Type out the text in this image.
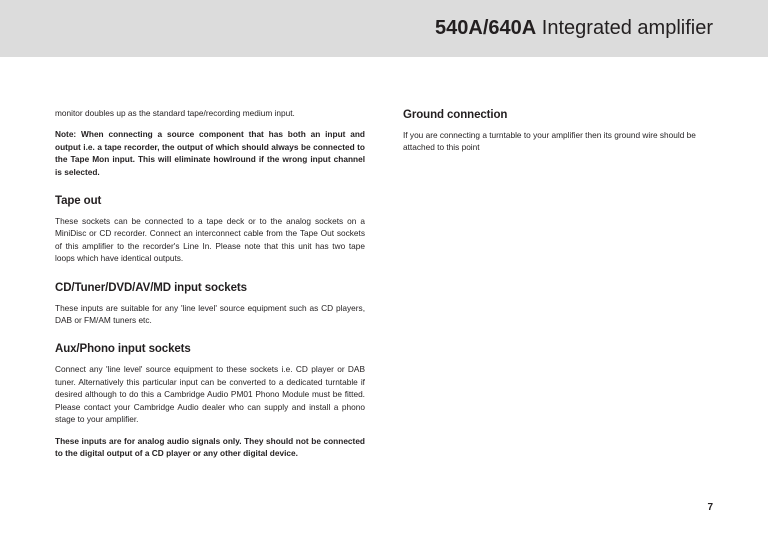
540A/640A Integrated amplifier

monitor doubles up as the standard tape/recording medium input.

Note: When connecting a source component that has both an input and output i.e. a tape recorder, the output of which should always be connected to the Tape Mon input. This will eliminate howlround if the wrong input channel is selected.

Tape out

These sockets can be connected to a tape deck or to the analog sockets on a MiniDisc or CD recorder. Connect an interconnect cable from the Tape Out sockets of this amplifier to the recorder's Line In. Please note that this unit has two tape loops which have identical outputs.

CD/Tuner/DVD/AV/MD input sockets

These inputs are suitable for any 'line level' source equipment such as CD players, DAB or FM/AM tuners etc.

Aux/Phono input sockets

Connect any 'line level' source equipment to these sockets i.e. CD player or DAB tuner. Alternatively this particular input can be converted to a dedicated turntable if desired although to do this a Cambridge Audio PM01 Phono Module must be fitted. Please contact your Cambridge Audio dealer who can supply and install a phono stage to your amplifier.

These inputs are for analog audio signals only. They should not be connected to the digital output of a CD player or any other digital device.

Ground connection

If you are connecting a turntable to your amplifier then its ground wire should be attached to this point

7
